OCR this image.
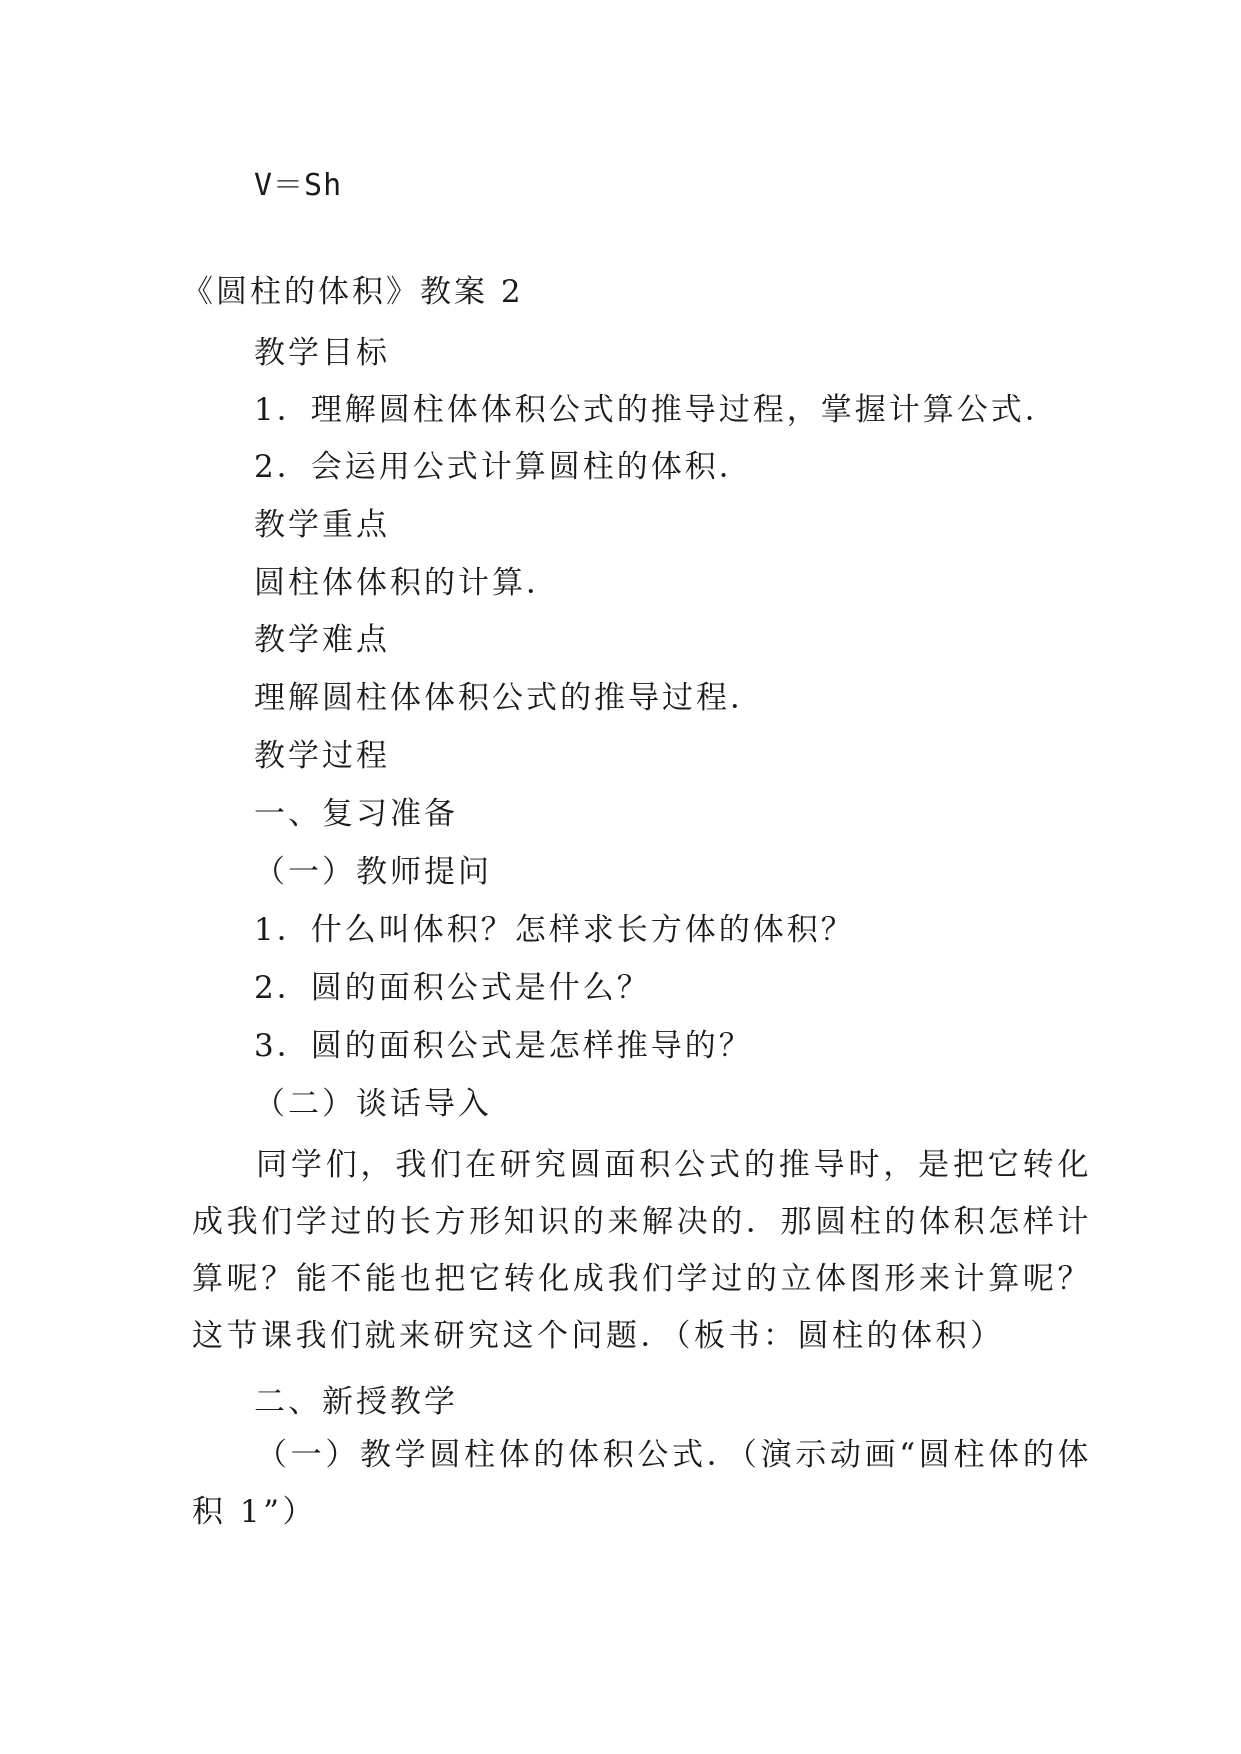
V＝Sh
《圆柱的体积》教案 2
教学目标
1．理解圆柱体体积公式的推导过程，掌握计算公式．
2．会运用公式计算圆柱的体积．
教学重点
圆柱体体积的计算．
教学难点
理解圆柱体体积公式的推导过程．
教学过程
一、复习准备
（一）教师提问
1．什么叫体积？怎样求长方体的体积？
2．圆的面积公式是什么？
3．圆的面积公式是怎样推导的？
（二）谈话导入
同学们，我们在研究圆面积公式的推导时，是把它转化成我们学过的长方形知识的来解决的．那圆柱的体积怎样计算呢？能不能也把它转化成我们学过的立体图形来计算呢？这节课我们就来研究这个问题．（板书：圆柱的体积）
二、新授教学
（一）教学圆柱体的体积公式．（演示动画“圆柱体的体积 1”）
